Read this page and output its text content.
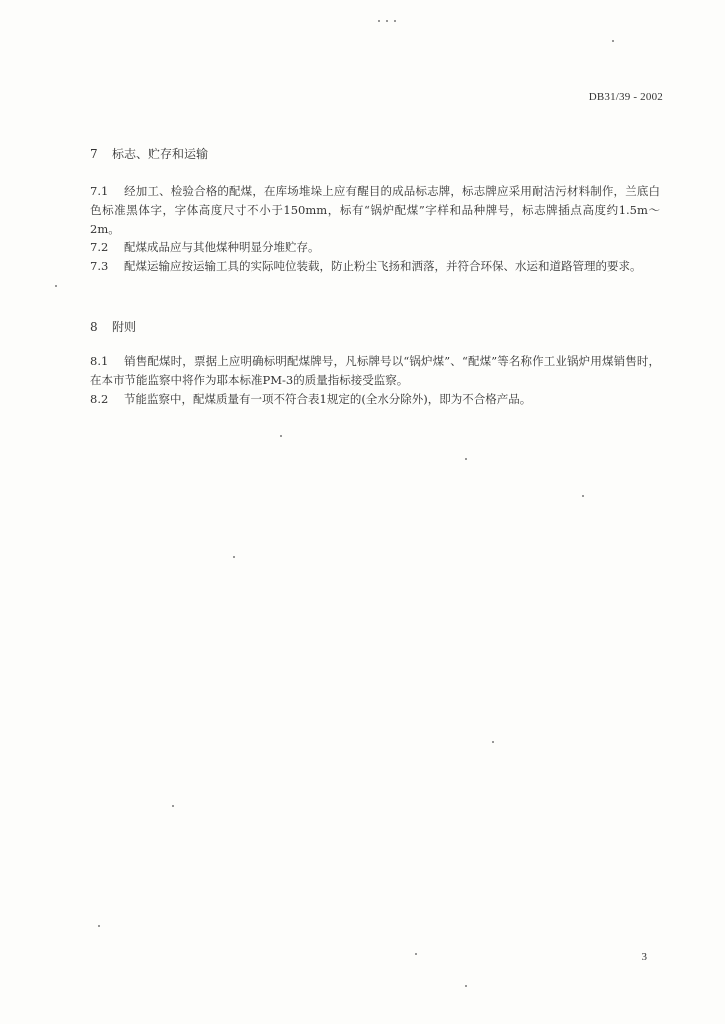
DB31/39 - 2002
7 标志、贮存和运输
7.1 经加工、检验合格的配煤，在库场堆垛上应有醒目的成品标志牌，标志牌应采用耐洁污材料制作，兰底白色标准黑体字，字体高度尺寸不小于150mm，标有“锅炉配煤”字样和品种牌号，标志牌插点高度约1.5m～2m。
7.2 配煤成品应与其他煤种明显分堆贮存。
7.3 配煤运输应按运输工具的实际吨位装载，防止粉尘飞扬和洒落，并符合环保、水运和道路管理的要求。
8 附则
8.1 销售配煤时，票据上应明确标明配煤牌号，凡标牌号以“锅炉煤”、“配煤”等名称作工业锅炉用煤销售时，在本市节能监察中将作为耶本标准PM-3的质量指标接受监察。
8.2 节能监察中，配煤质量有一项不符合表1规定的(全水分除外)，即为不合格产品。
3
